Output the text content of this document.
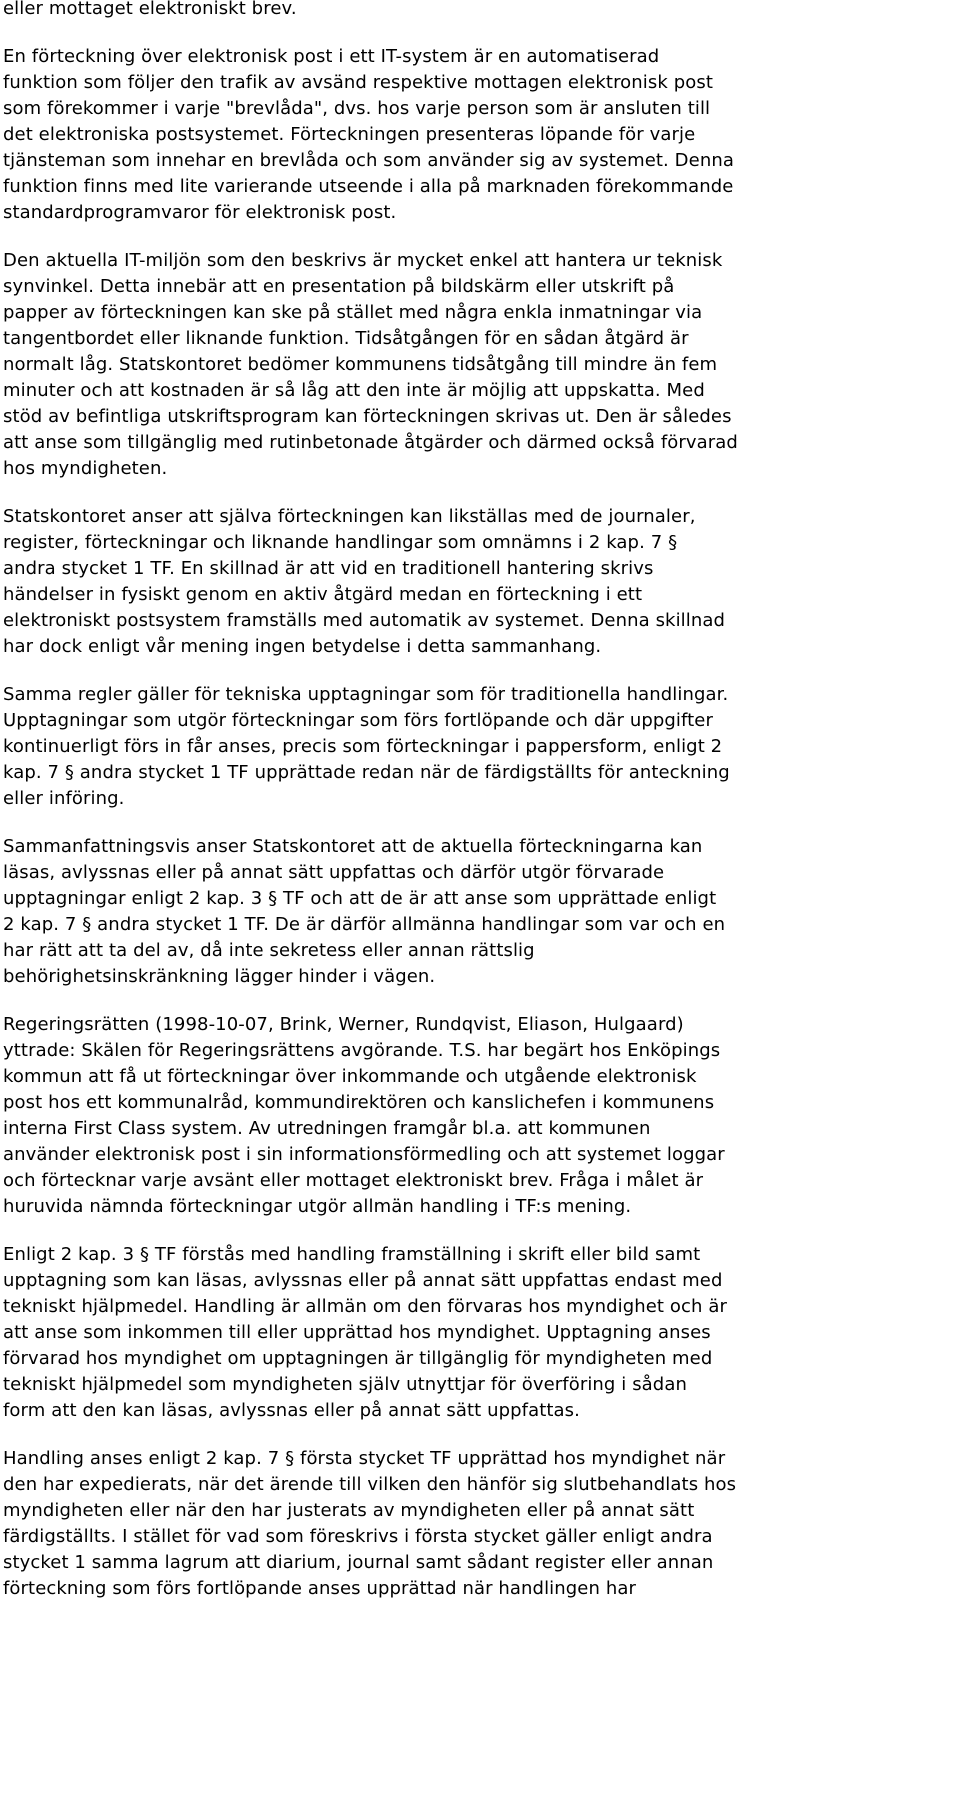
eller mottaget elektroniskt brev.

En förteckning över elektronisk post i ett IT-system är en automatiserad
funktion som följer den trafik av avsänd respektive mottagen elektronisk post
som förekommer i varje "brevlåda", dvs. hos varje person som är ansluten till
det elektroniska postsystemet. Förteckningen presenteras löpande för varje
tjänsteman som innehar en brevlåda och som använder sig av systemet. Denna
funktion finns med lite varierande utseende i alla på marknaden förekommande
standardprogramvaror för elektronisk post.

Den aktuella IT-miljön som den beskrivs är mycket enkel att hantera ur teknisk
synvinkel. Detta innebär att en presentation på bildskärm eller utskrift på
papper av förteckningen kan ske på stället med några enkla inmatningar via
tangentbordet eller liknande funktion. Tidsåtgången för en sådan åtgärd är
normalt låg. Statskontoret bedömer kommunens tidsåtgång till mindre än fem
minuter och att kostnaden är så låg att den inte är möjlig att uppskatta. Med
stöd av befintliga utskriftsprogram kan förteckningen skrivas ut. Den är således
att anse som tillgänglig med rutinbetonade åtgärder och därmed också förvarad
hos myndigheten.

Statskontoret anser att själva förteckningen kan likställas med de journaler,
register, förteckningar och liknande handlingar som omnämns i 2 kap. 7 §
andra stycket 1 TF. En skillnad är att vid en traditionell hantering skrivs
händelser in fysiskt genom en aktiv åtgärd medan en förteckning i ett
elektroniskt postsystem framställs med automatik av systemet. Denna skillnad
har dock enligt vår mening ingen betydelse i detta sammanhang.

Samma regler gäller för tekniska upptagningar som för traditionella handlingar.
Upptagningar som utgör förteckningar som förs fortlöpande och där uppgifter
kontinuerligt förs in får anses, precis som förteckningar i pappersform, enligt 2
kap. 7 § andra stycket 1 TF upprättade redan när de färdigställts för anteckning
eller införing.

Sammanfattningsvis anser Statskontoret att de aktuella förteckningarna kan
läsas, avlyssnas eller på annat sätt uppfattas och därför utgör förvarade
upptagningar enligt 2 kap. 3 § TF och att de är att anse som upprättade enligt
2 kap. 7 § andra stycket 1 TF. De är därför allmänna handlingar som var och en
har rätt att ta del av, då inte sekretess eller annan rättslig
behörighetsinskränkning lägger hinder i vägen.

Regeringsrätten (1998-10-07, Brink, Werner, Rundqvist, Eliason, Hulgaard)
yttrade: Skälen för Regeringsrättens avgörande. T.S. har begärt hos Enköpings
kommun att få ut förteckningar över inkommande och utgående elektronisk
post hos ett kommunalråd, kommundirektören och kanslichefen i kommunens
interna First Class system. Av utredningen framgår bl.a. att kommunen
använder elektronisk post i sin informationsförmedling och att systemet loggar
och förtecknar varje avsänt eller mottaget elektroniskt brev. Fråga i målet är
huruvida nämnda förteckningar utgör allmän handling i TF:s mening.

Enligt 2 kap. 3 § TF förstås med handling framställning i skrift eller bild samt
upptagning som kan läsas, avlyssnas eller på annat sätt uppfattas endast med
tekniskt hjälpmedel. Handling är allmän om den förvaras hos myndighet och är
att anse som inkommen till eller upprättad hos myndighet. Upptagning anses
förvarad hos myndighet om upptagningen är tillgänglig för myndigheten med
tekniskt hjälpmedel som myndigheten själv utnyttjar för överföring i sådan
form att den kan läsas, avlyssnas eller på annat sätt uppfattas.

Handling anses enligt 2 kap. 7 § första stycket TF upprättad hos myndighet när
den har expedierats, när det ärende till vilken den hänför sig slutbehandlats hos
myndigheten eller när den har justerats av myndigheten eller på annat sätt
färdigställts. I stället för vad som föreskrivs i första stycket gäller enligt andra
stycket 1 samma lagrum att diarium, journal samt sådant register eller annan
förteckning som förs fortlöpande anses upprättad när handlingen har
